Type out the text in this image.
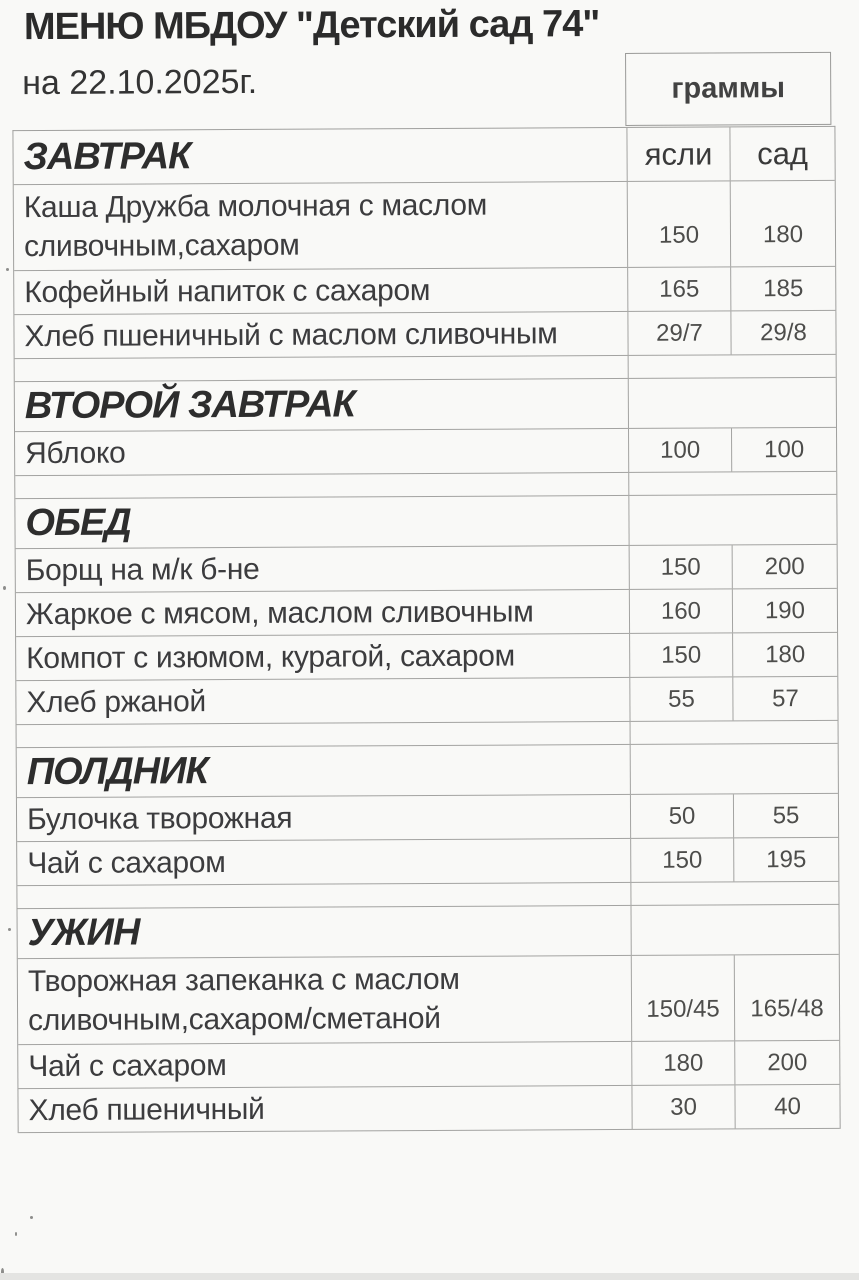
МЕНЮ МБДОУ "Детский сад 74"
на 22.10.2025г.	граммы
ЗАВТРАК	ясли	сад
Каша Дружба молочная с маслом
сливочным,сахаром	150	180
Кофейный напиток с сахаром	165	185
Хлеб пшеничный с маслом сливочным	29/7	29/8
ВТОРОЙ ЗАВТРАК
Яблоко	100	100
ОБЕД
Борщ на м/к б-не	150	200
Жаркое с мясом, маслом сливочным	160	190
Компот с изюмом, курагой, сахаром	150	180
Хлеб ржаной	55	57
ПОЛДНИК
Булочка творожная	50	55
Чай с сахаром	150	195
УЖИН
Творожная запеканка с маслом
сливочным,сахаром/сметаной	150/45	165/48
Чай с сахаром	180	200
Хлеб пшеничный	30	40
